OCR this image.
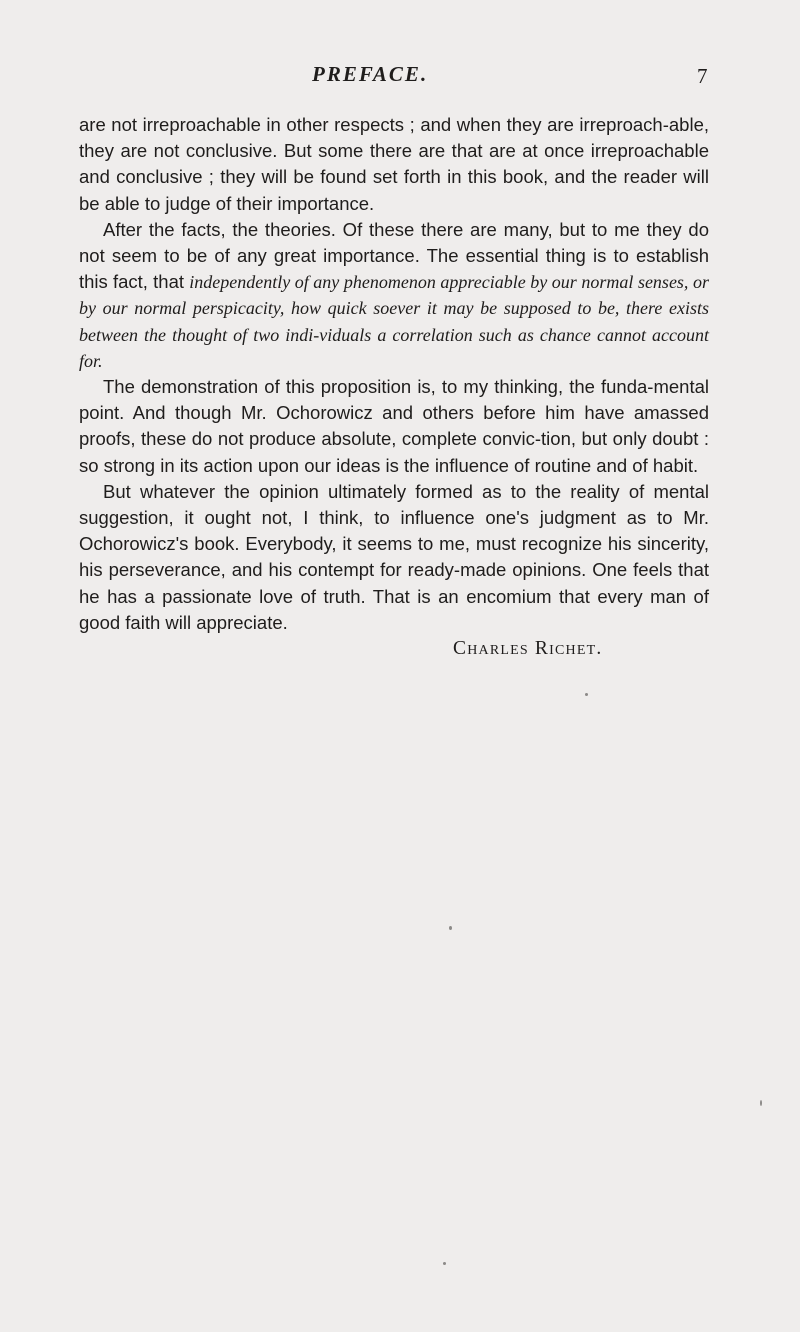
PREFACE.	7

are not irreproachable in other respects ; and when they are irreproach-able, they are not conclusive. But some there are that are at once irreproachable and conclusive ; they will be found set forth in this book, and the reader will be able to judge of their importance.

After the facts, the theories. Of these there are many, but to me they do not seem to be of any great importance. The essential thing is to establish this fact, that independently of any phenomenon appreciable by our normal senses, or by our normal perspicacity, how quick soever it may be supposed to be, there exists between the thought of two indi-viduals a correlation such as chance cannot account for.

The demonstration of this proposition is, to my thinking, the funda-mental point. And though Mr. Ochorowicz and others before him have amassed proofs, these do not produce absolute, complete convic-tion, but only doubt : so strong in its action upon our ideas is the influence of routine and of habit.

But whatever the opinion ultimately formed as to the reality of mental suggestion, it ought not, I think, to influence one's judgment as to Mr. Ochorowicz's book. Everybody, it seems to me, must recognize his sincerity, his perseverance, and his contempt for ready-made opinions. One feels that he has a passionate love of truth. That is an encomium that every man of good faith will appreciate.

Charles Richet.
